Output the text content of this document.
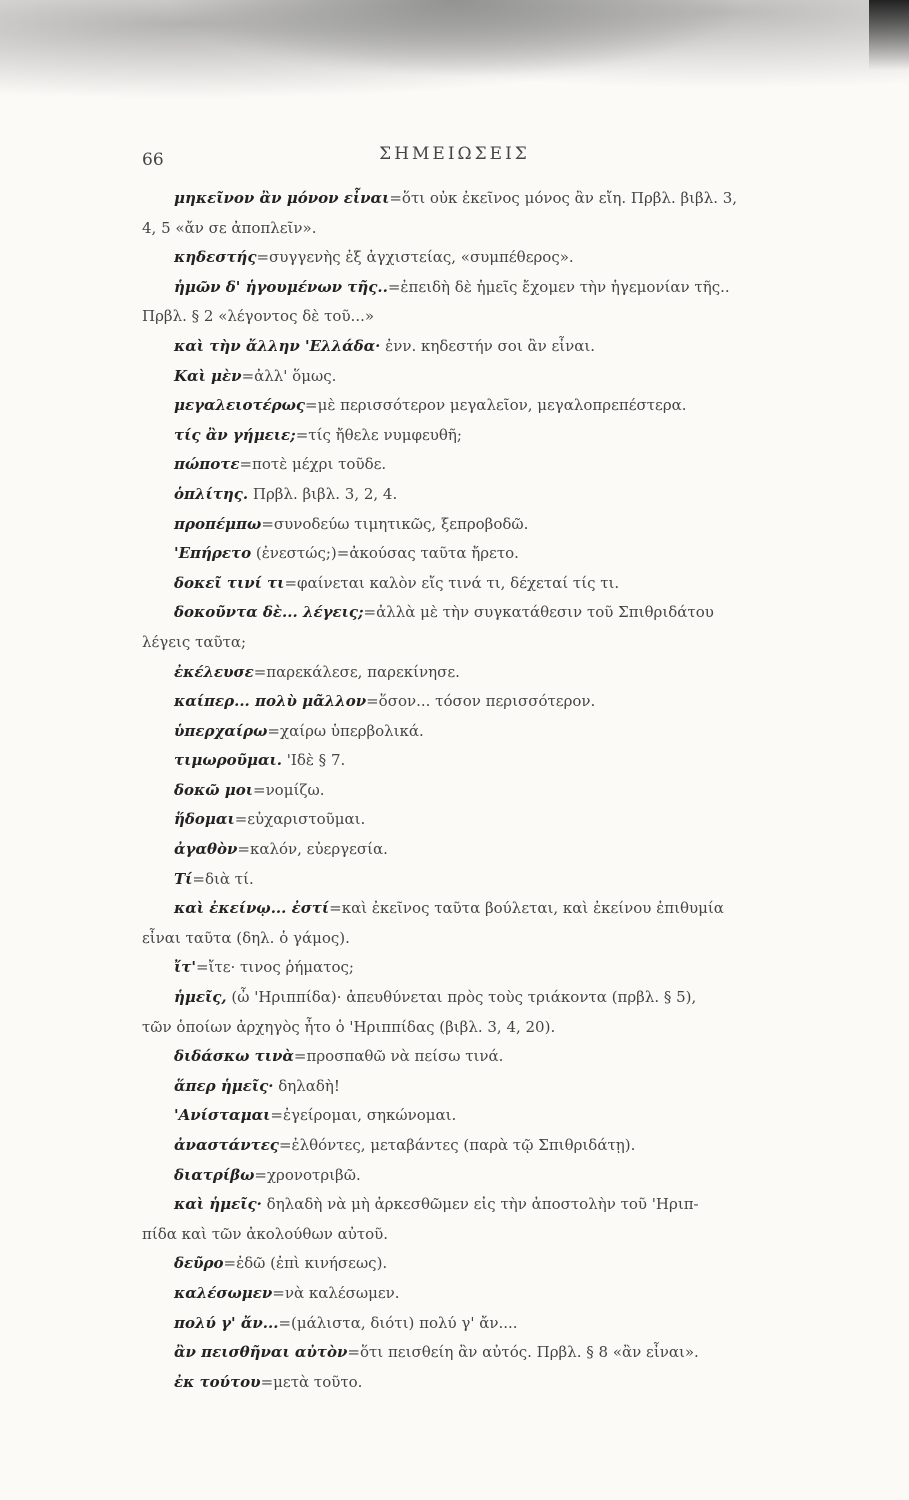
66	ΣΗΜΕΙΩΣΕΙΣ
μηκεῖνον ἂν μόνον εἶναι=ὅτι οὐκ ἐκεῖνος μόνος ἂν εἴη. Πρβλ. βιβλ. 3,
4, 5 «ἄν σε ἀποπλεῖν».
κηδεστής=συγγενὴς ἐξ ἀγχιστείας, «συμπέθερος».
ἡμῶν δ' ἡγουμένων τῆς..=ἐπειδὴ δὲ ἡμεῖς ἔχομεν τὴν ἡγεμονίαν τῆς..
Πρβλ. § 2 «λέγοντος δὲ τοῦ...»
καὶ τὴν ἄλλην 'Ελλάδα· ἐνν. κηδεστήν σοι ἂν εἶναι.
Καὶ μὲν=ἀλλ' ὅμως.
μεγαλειοτέρως=μὲ περισσότερον μεγαλεῖον, μεγαλοπρεπέστερα.
τίς ἂν γήμειε;=τίς ἤθελε νυμφευθῆ;
πώποτε=ποτὲ μέχρι τοῦδε.
ὁπλίτης. Πρβλ. βιβλ. 3, 2, 4.
προπέμπω=συνοδεύω τιμητικῶς, ξεπροβοδῶ.
'Επήρετο (ἐνεστώς;)=ἀκούσας ταῦτα ἤρετο.
δοκεῖ τινί τι=φαίνεται καλὸν εἴς τινά τι, δέχεταί τίς τι.
δοκοῦντα δὲ... λέγεις;=ἀλλὰ μὲ τὴν συγκατάθεσιν τοῦ Σπιθριδάτου
λέγεις ταῦτα;
ἐκέλευσε=παρεκάλεσε, παρεκίνησε.
καίπερ... πολὺ μᾶλλον=ὅσον... τόσον περισσότερον.
ὑπερχαίρω=χαίρω ὑπερβολικά.
τιμωροῦμαι. 'Ιδὲ § 7.
δοκῶ μοι=νομίζω.
ἥδομαι=εὐχαριστοῦμαι.
ἀγαθὸν=καλόν, εὐεργεσία.
Τί=διὰ τί.
καὶ ἐκείνῳ... ἐστί=καὶ ἐκεῖνος ταῦτα βούλεται, καὶ ἐκείνου ἐπιθυμία
εἶναι ταῦτα (δηλ. ὁ γάμος).
ἴτ'=ἴτε· τινος ῥήματος;
ἡμεῖς, (ὦ 'Ηριππίδα)· ἀπευθύνεται πρὸς τοὺς τριάκοντα (πρβλ. § 5),
τῶν ὁποίων ἀρχηγὸς ἦτο ὁ 'Ηριππίδας (βιβλ. 3, 4, 20).
διδάσκω τινὰ=προσπαθῶ νὰ πείσω τινά.
ἅπερ ἡμεῖς· δηλαδὴ!
'Ανίσταμαι=ἐγείρομαι, σηκώνομαι.
ἀναστάντες=ἐλθόντες, μεταβάντες (παρὰ τῷ Σπιθριδάτῃ).
διατρίβω=χρονοτριβῶ.
καὶ ἡμεῖς· δηλαδὴ νὰ μὴ ἀρκεσθῶμεν εἰς τὴν ἀποστολὴν τοῦ 'Ηριπ-
πίδα καὶ τῶν ἀκολούθων αὐτοῦ.
δεῦρο=ἐδῶ (ἐπὶ κινήσεως).
καλέσωμεν=νὰ καλέσωμεν.
πολύ γ' ἄν...=(μάλιστα, διότι) πολύ γ' ἄν....
ἂν πεισθῆναι αὐτὸν=ὅτι πεισθείη ἂν αὐτός. Πρβλ. § 8 «ἂν εἶναι».
ἐκ τούτου=μετὰ τοῦτο.
